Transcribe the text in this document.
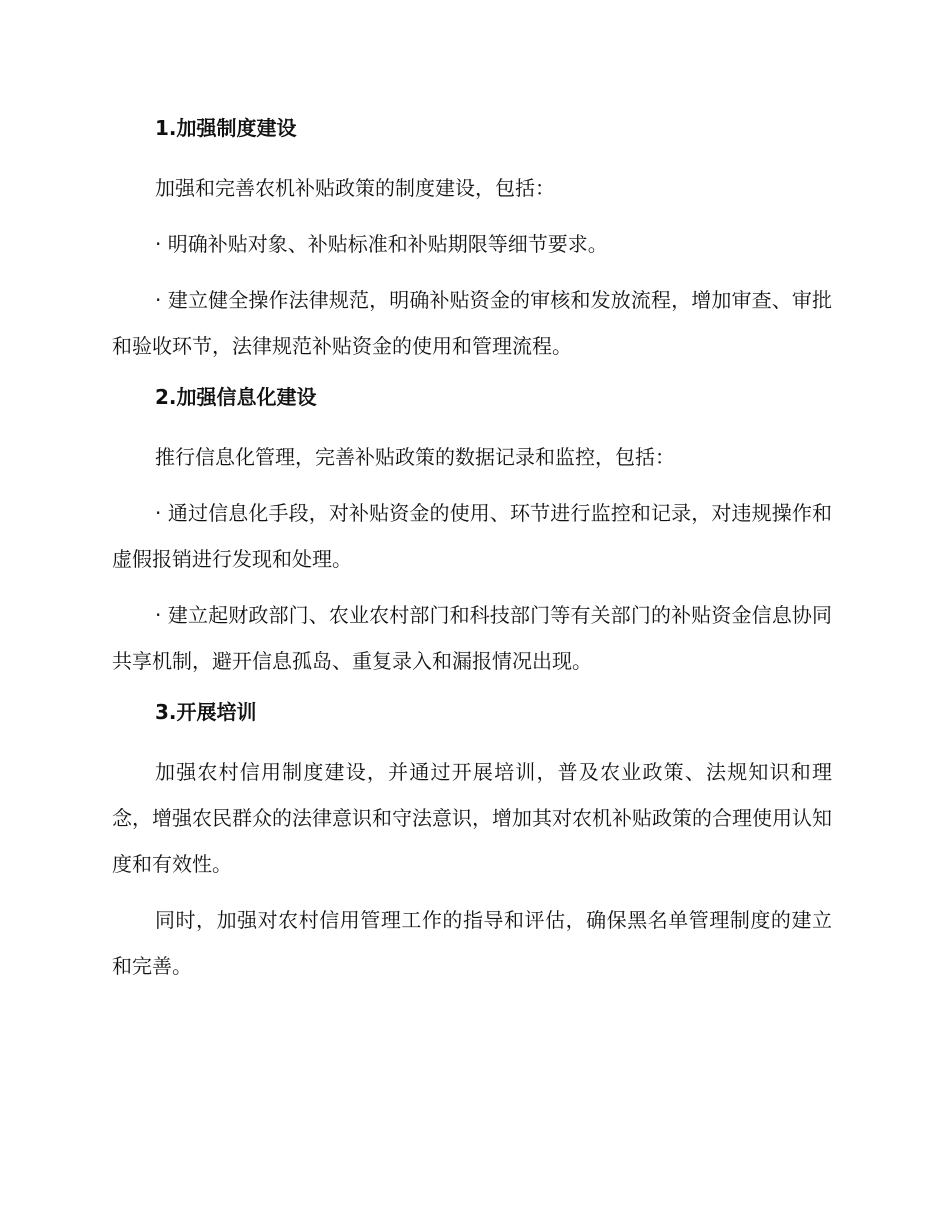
1.加强制度建设
加强和完善农机补贴政策的制度建设，包括：
· 明确补贴对象、补贴标准和补贴期限等细节要求。
· 建立健全操作法律规范，明确补贴资金的审核和发放流程，增加审查、审批和验收环节，法律规范补贴资金的使用和管理流程。
2.加强信息化建设
推行信息化管理，完善补贴政策的数据记录和监控，包括：
· 通过信息化手段，对补贴资金的使用、环节进行监控和记录，对违规操作和虚假报销进行发现和处理。
· 建立起财政部门、农业农村部门和科技部门等有关部门的补贴资金信息协同共享机制，避开信息孤岛、重复录入和漏报情况出现。
3.开展培训
加强农村信用制度建设，并通过开展培训，普及农业政策、法规知识和理念，增强农民群众的法律意识和守法意识，增加其对农机补贴政策的合理使用认知度和有效性。
同时，加强对农村信用管理工作的指导和评估，确保黑名单管理制度的建立和完善。
